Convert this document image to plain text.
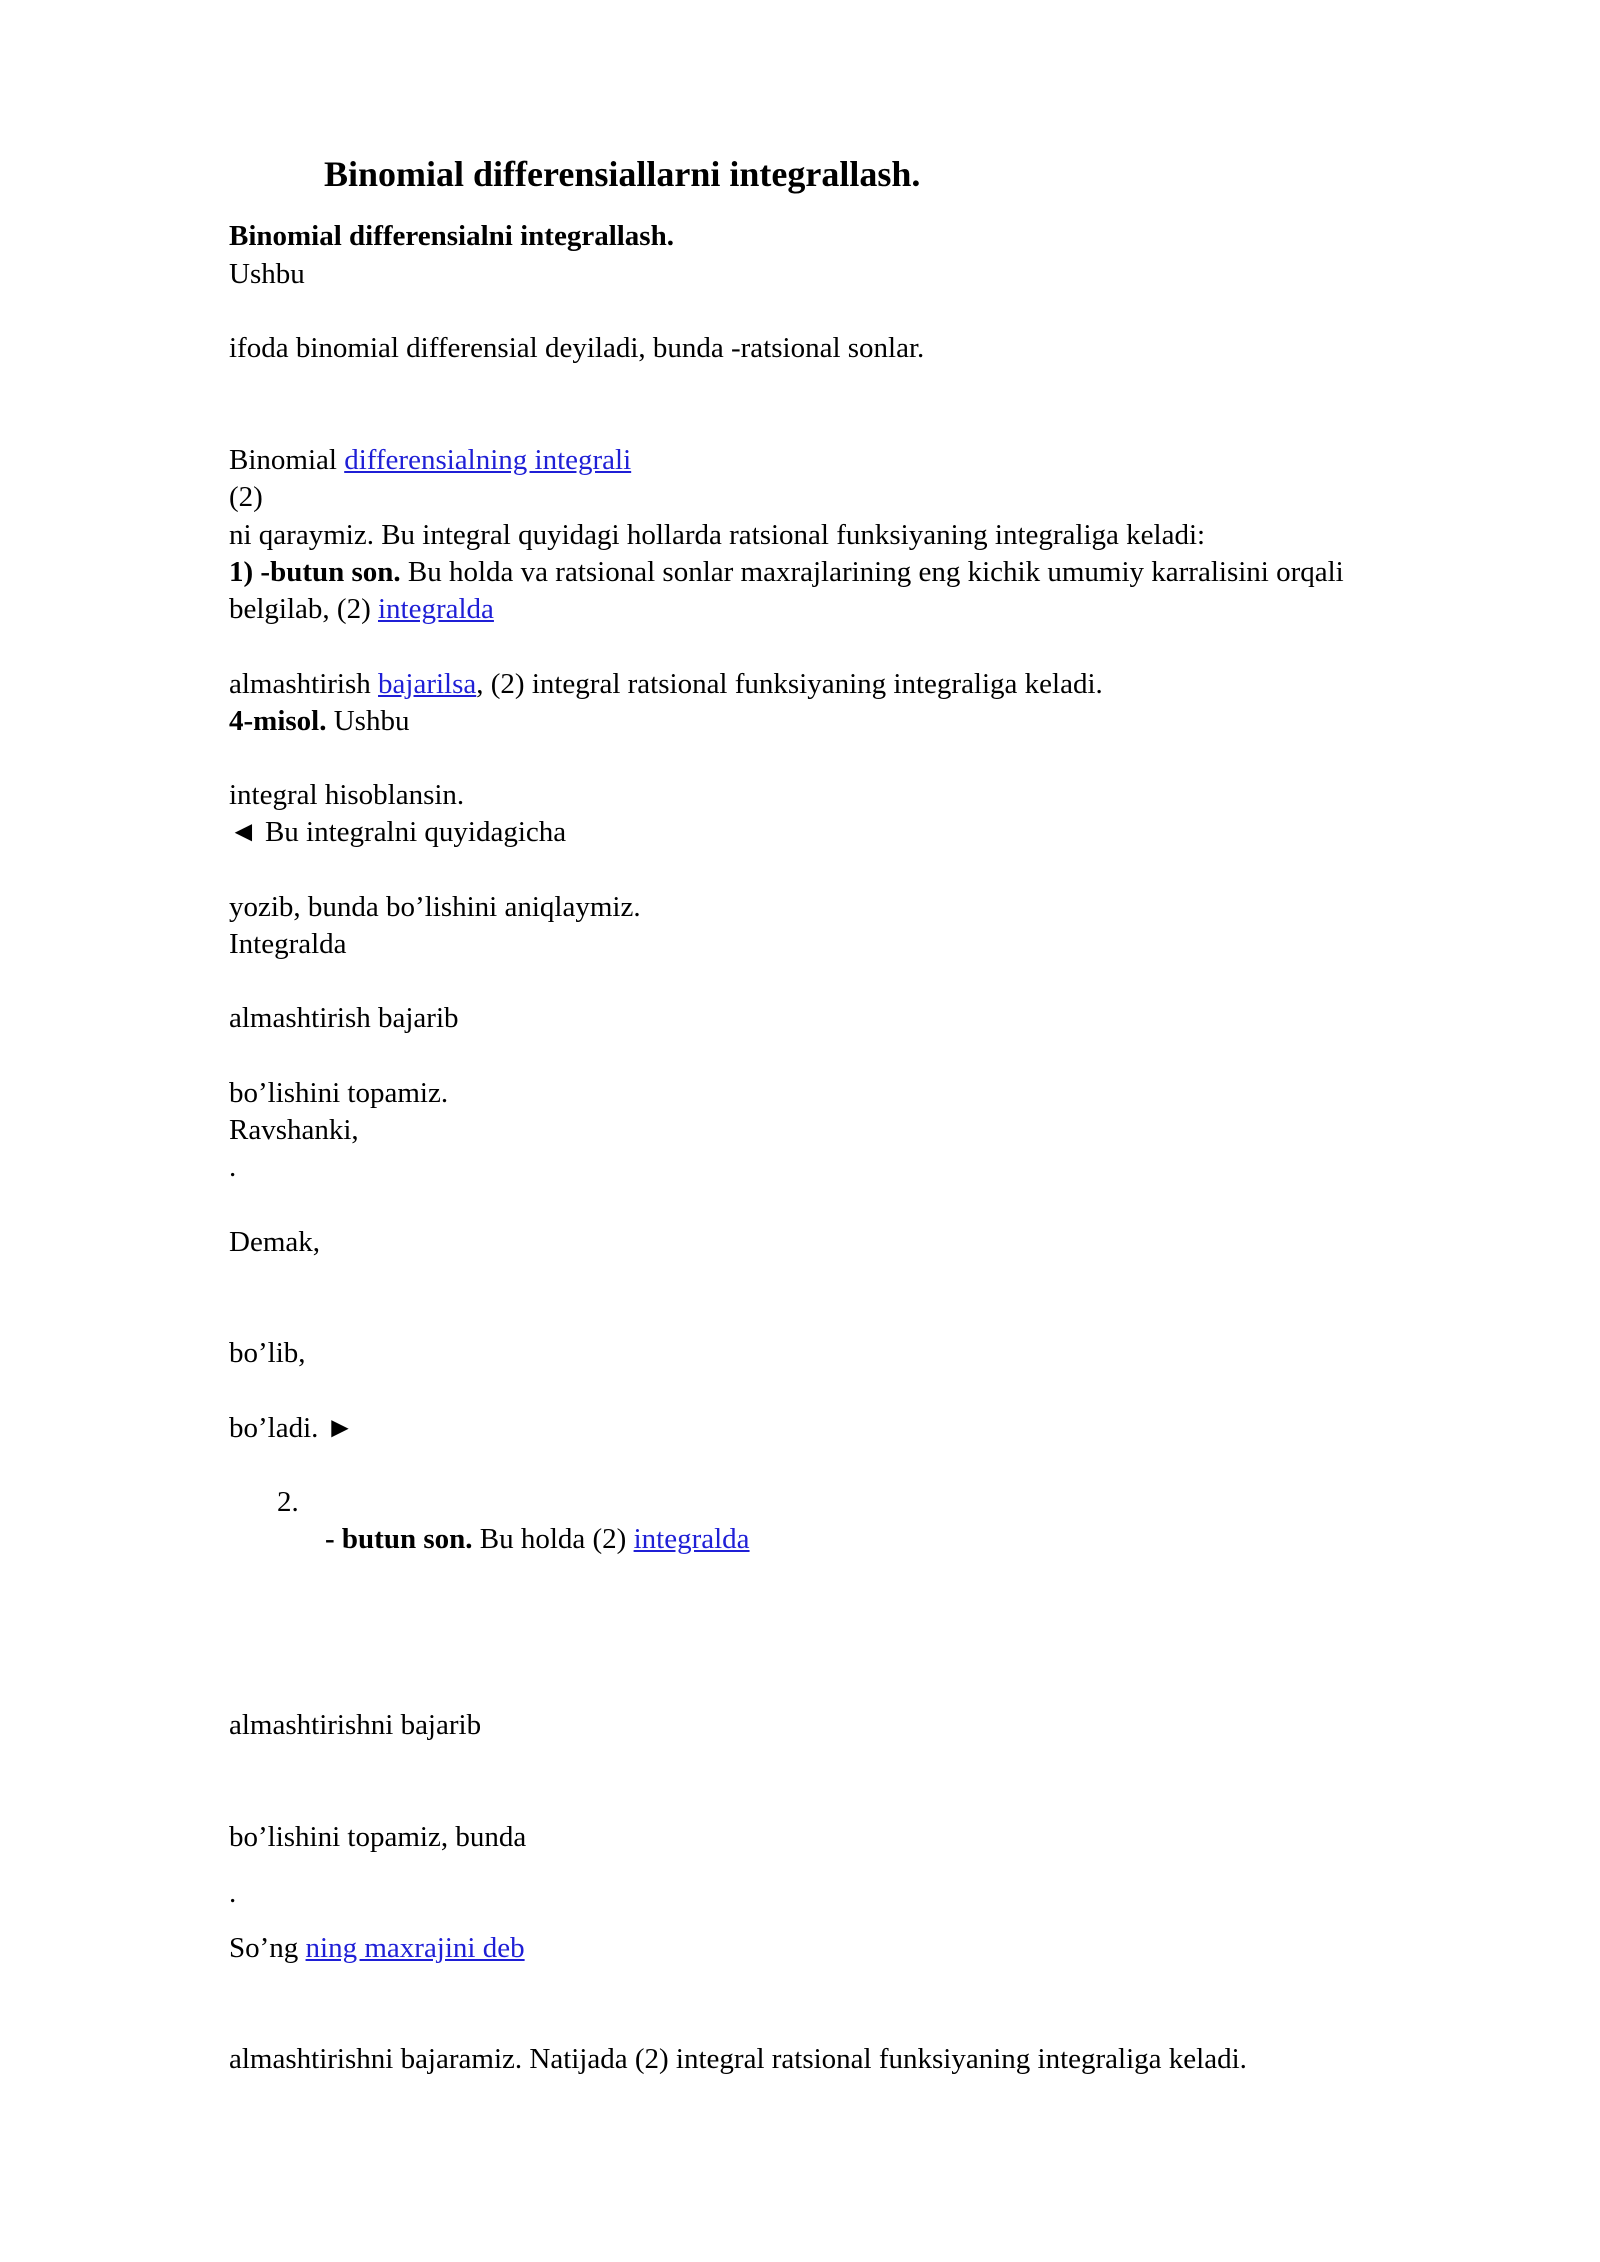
Binomial differensiallarni integrallash.
Binomial differensialni integrallash.
Ushbu
ifoda binomial differensial deyiladi, bunda -ratsional sonlar.
Binomial differensialning integrali
(2)
ni qaraymiz. Bu integral quyidagi hollarda ratsional funksiyaning integraliga keladi:
1) -butun son. Bu holda va ratsional sonlar maxrajlarining eng kichik umumiy karralisini orqali
belgilab, (2) integralda
almashtirish bajarilsa, (2) integral ratsional funksiyaning integraliga keladi.
4-misol. Ushbu
integral hisoblansin.
◄ Bu integralni quyidagicha
yozib, bunda bo’lishini aniqlaymiz.
Integralda
almashtirish bajarib
bo’lishini topamiz.
Ravshanki,
.
Demak,
bo’lib,
bo’ladi. ►
2.
- butun son. Bu holda (2) integralda
almashtirishni bajarib
bo’lishini topamiz, bunda
.
So’ng ning maxrajini deb
almashtirishni bajaramiz. Natijada (2) integral ratsional funksiyaning integraliga keladi.
